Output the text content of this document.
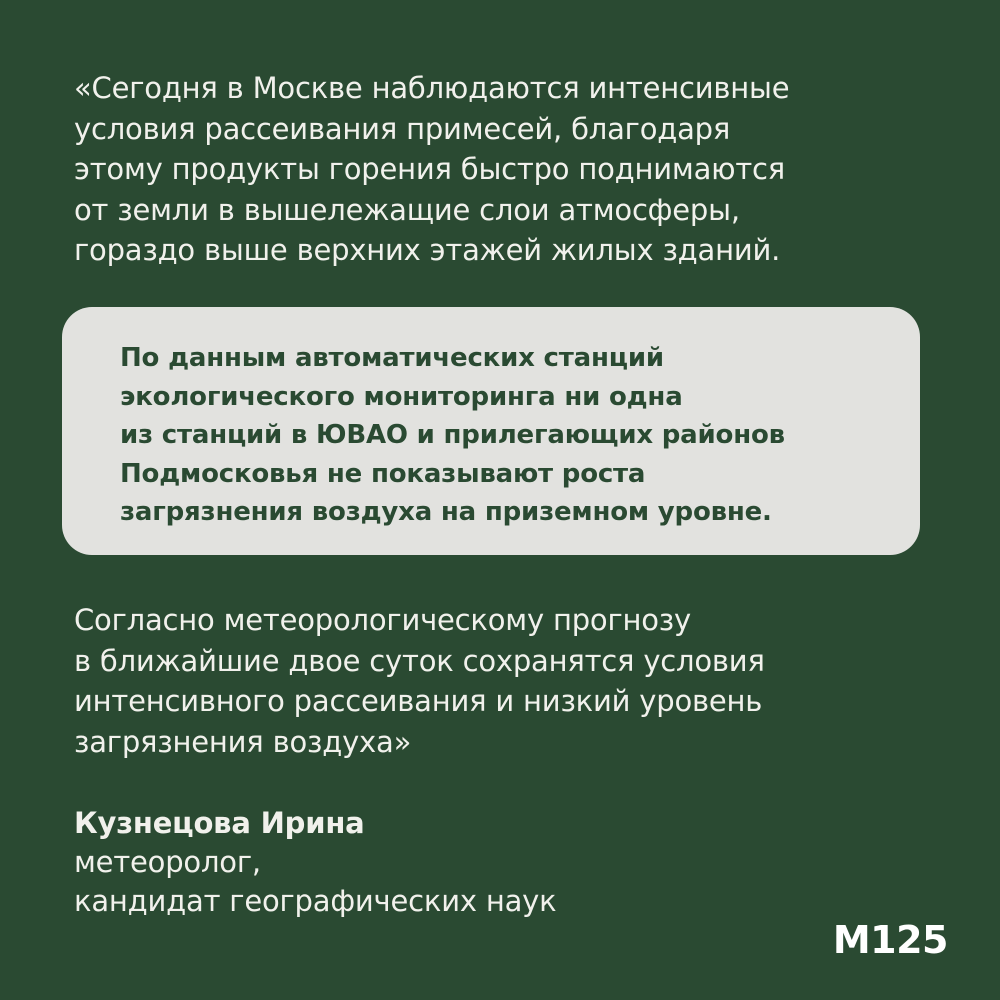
«Сегодня в Москве наблюдаются интенсивные
условия рассеивания примесей, благодаря
этому продукты горения быстро поднимаются
от земли в вышележащие слои атмосферы,
гораздо выше верхних этажей жилых зданий.

По данным автоматических станций
экологического мониторинга ни одна
из станций в ЮВАО и прилегающих районов
Подмосковья не показывают роста
загрязнения воздуха на приземном уровне.

Согласно метеорологическому прогнозу
в ближайшие двое суток сохранятся условия
интенсивного рассеивания и низкий уровень
загрязнения воздуха»

Кузнецова Ирина
метеоролог,
кандидат географических наук

М125
